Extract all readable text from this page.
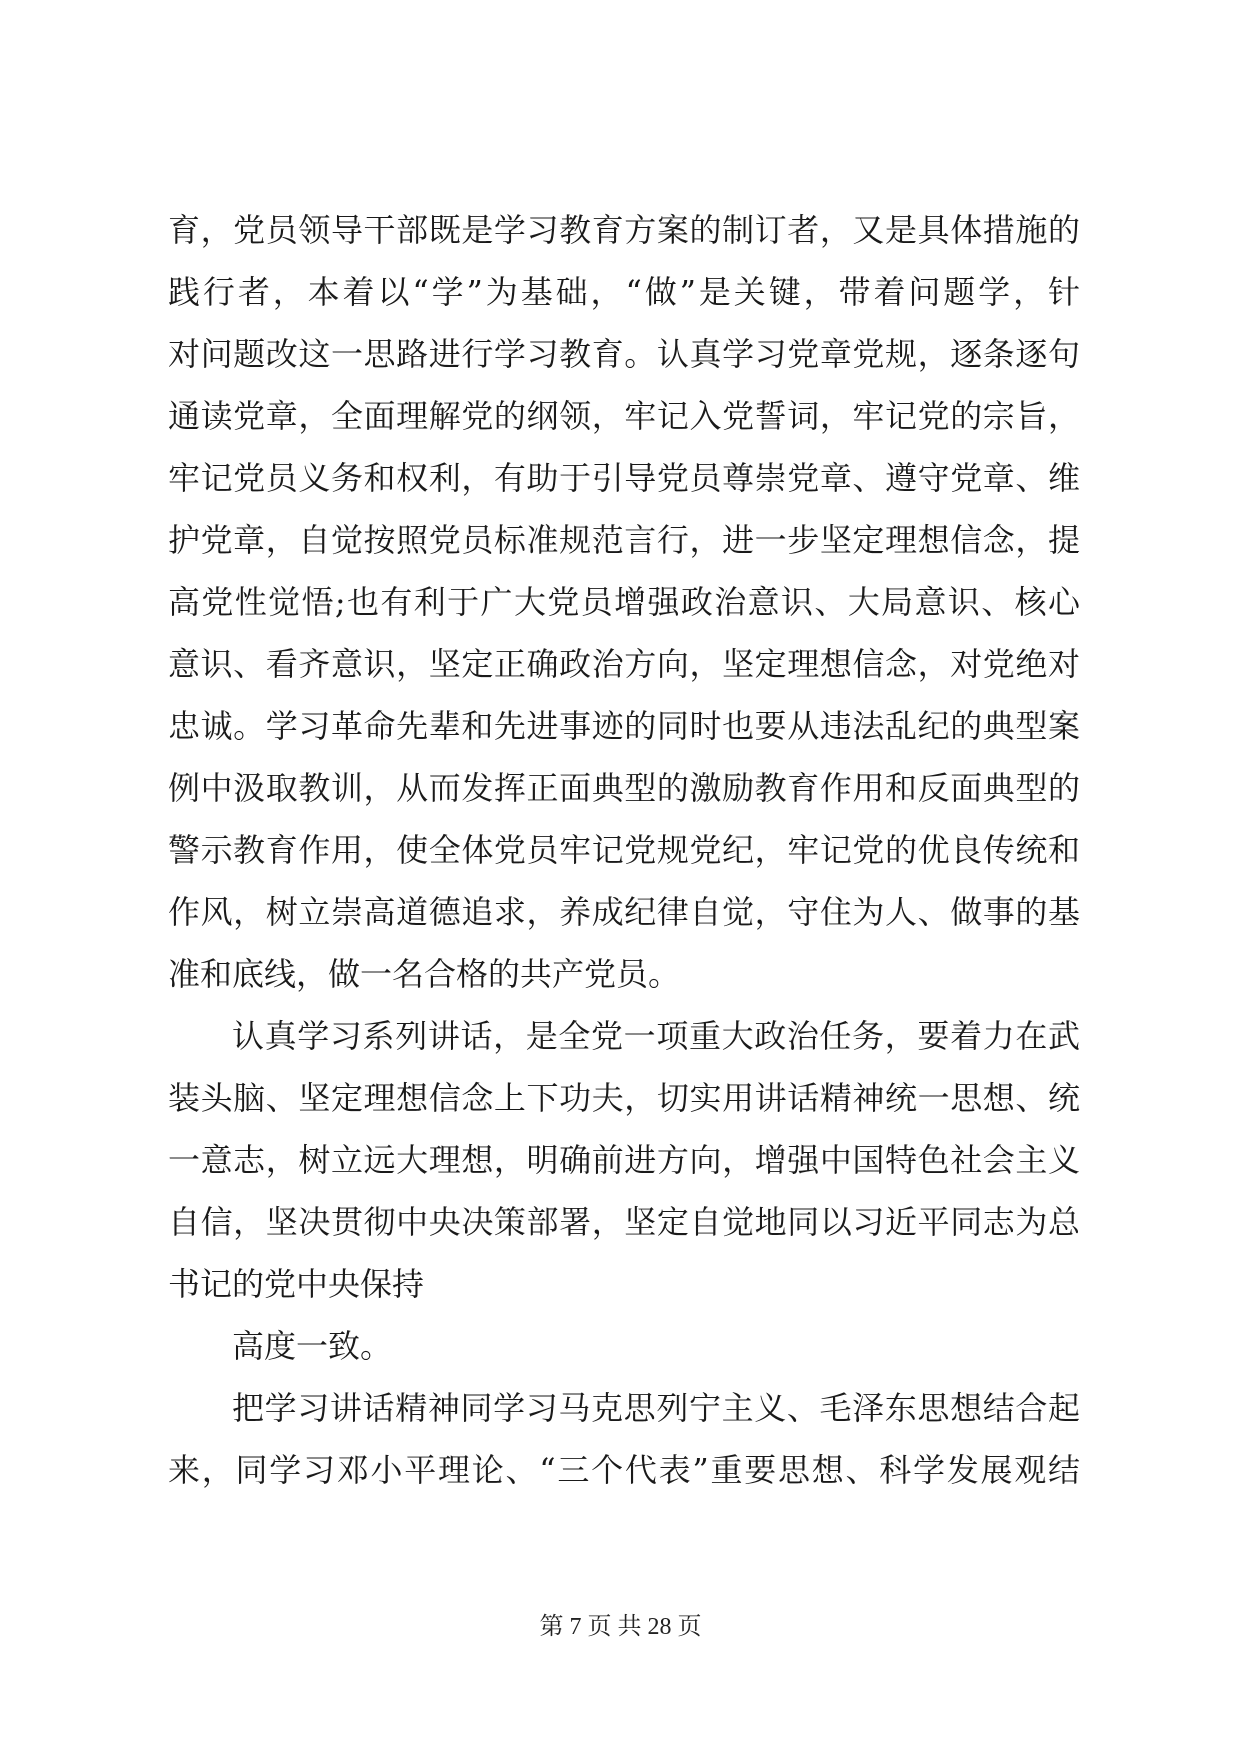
育，党员领导干部既是学习教育方案的制订者，又是具体措施的
践行者，本着以“学”为基础，“做”是关键，带着问题学，针
对问题改这一思路进行学习教育。认真学习党章党规，逐条逐句
通读党章，全面理解党的纲领，牢记入党誓词，牢记党的宗旨，
牢记党员义务和权利，有助于引导党员尊崇党章、遵守党章、维
护党章，自觉按照党员标准规范言行，进一步坚定理想信念，提
高党性觉悟;也有利于广大党员增强政治意识、大局意识、核心
意识、看齐意识，坚定正确政治方向，坚定理想信念，对党绝对
忠诚。学习革命先辈和先进事迹的同时也要从违法乱纪的典型案
例中汲取教训，从而发挥正面典型的激励教育作用和反面典型的
警示教育作用，使全体党员牢记党规党纪，牢记党的优良传统和
作风，树立崇高道德追求，养成纪律自觉，守住为人、做事的基
准和底线，做一名合格的共产党员。
认真学习系列讲话，是全党一项重大政治任务，要着力在武
装头脑、坚定理想信念上下功夫，切实用讲话精神统一思想、统
一意志，树立远大理想，明确前进方向，增强中国特色社会主义
自信，坚决贯彻中央决策部署，坚定自觉地同以习近平同志为总
书记的党中央保持
高度一致。
把学习讲话精神同学习马克思列宁主义、毛泽东思想结合起
来，同学习邓小平理论、“三个代表”重要思想、科学发展观结
第 7 页 共 28 页
